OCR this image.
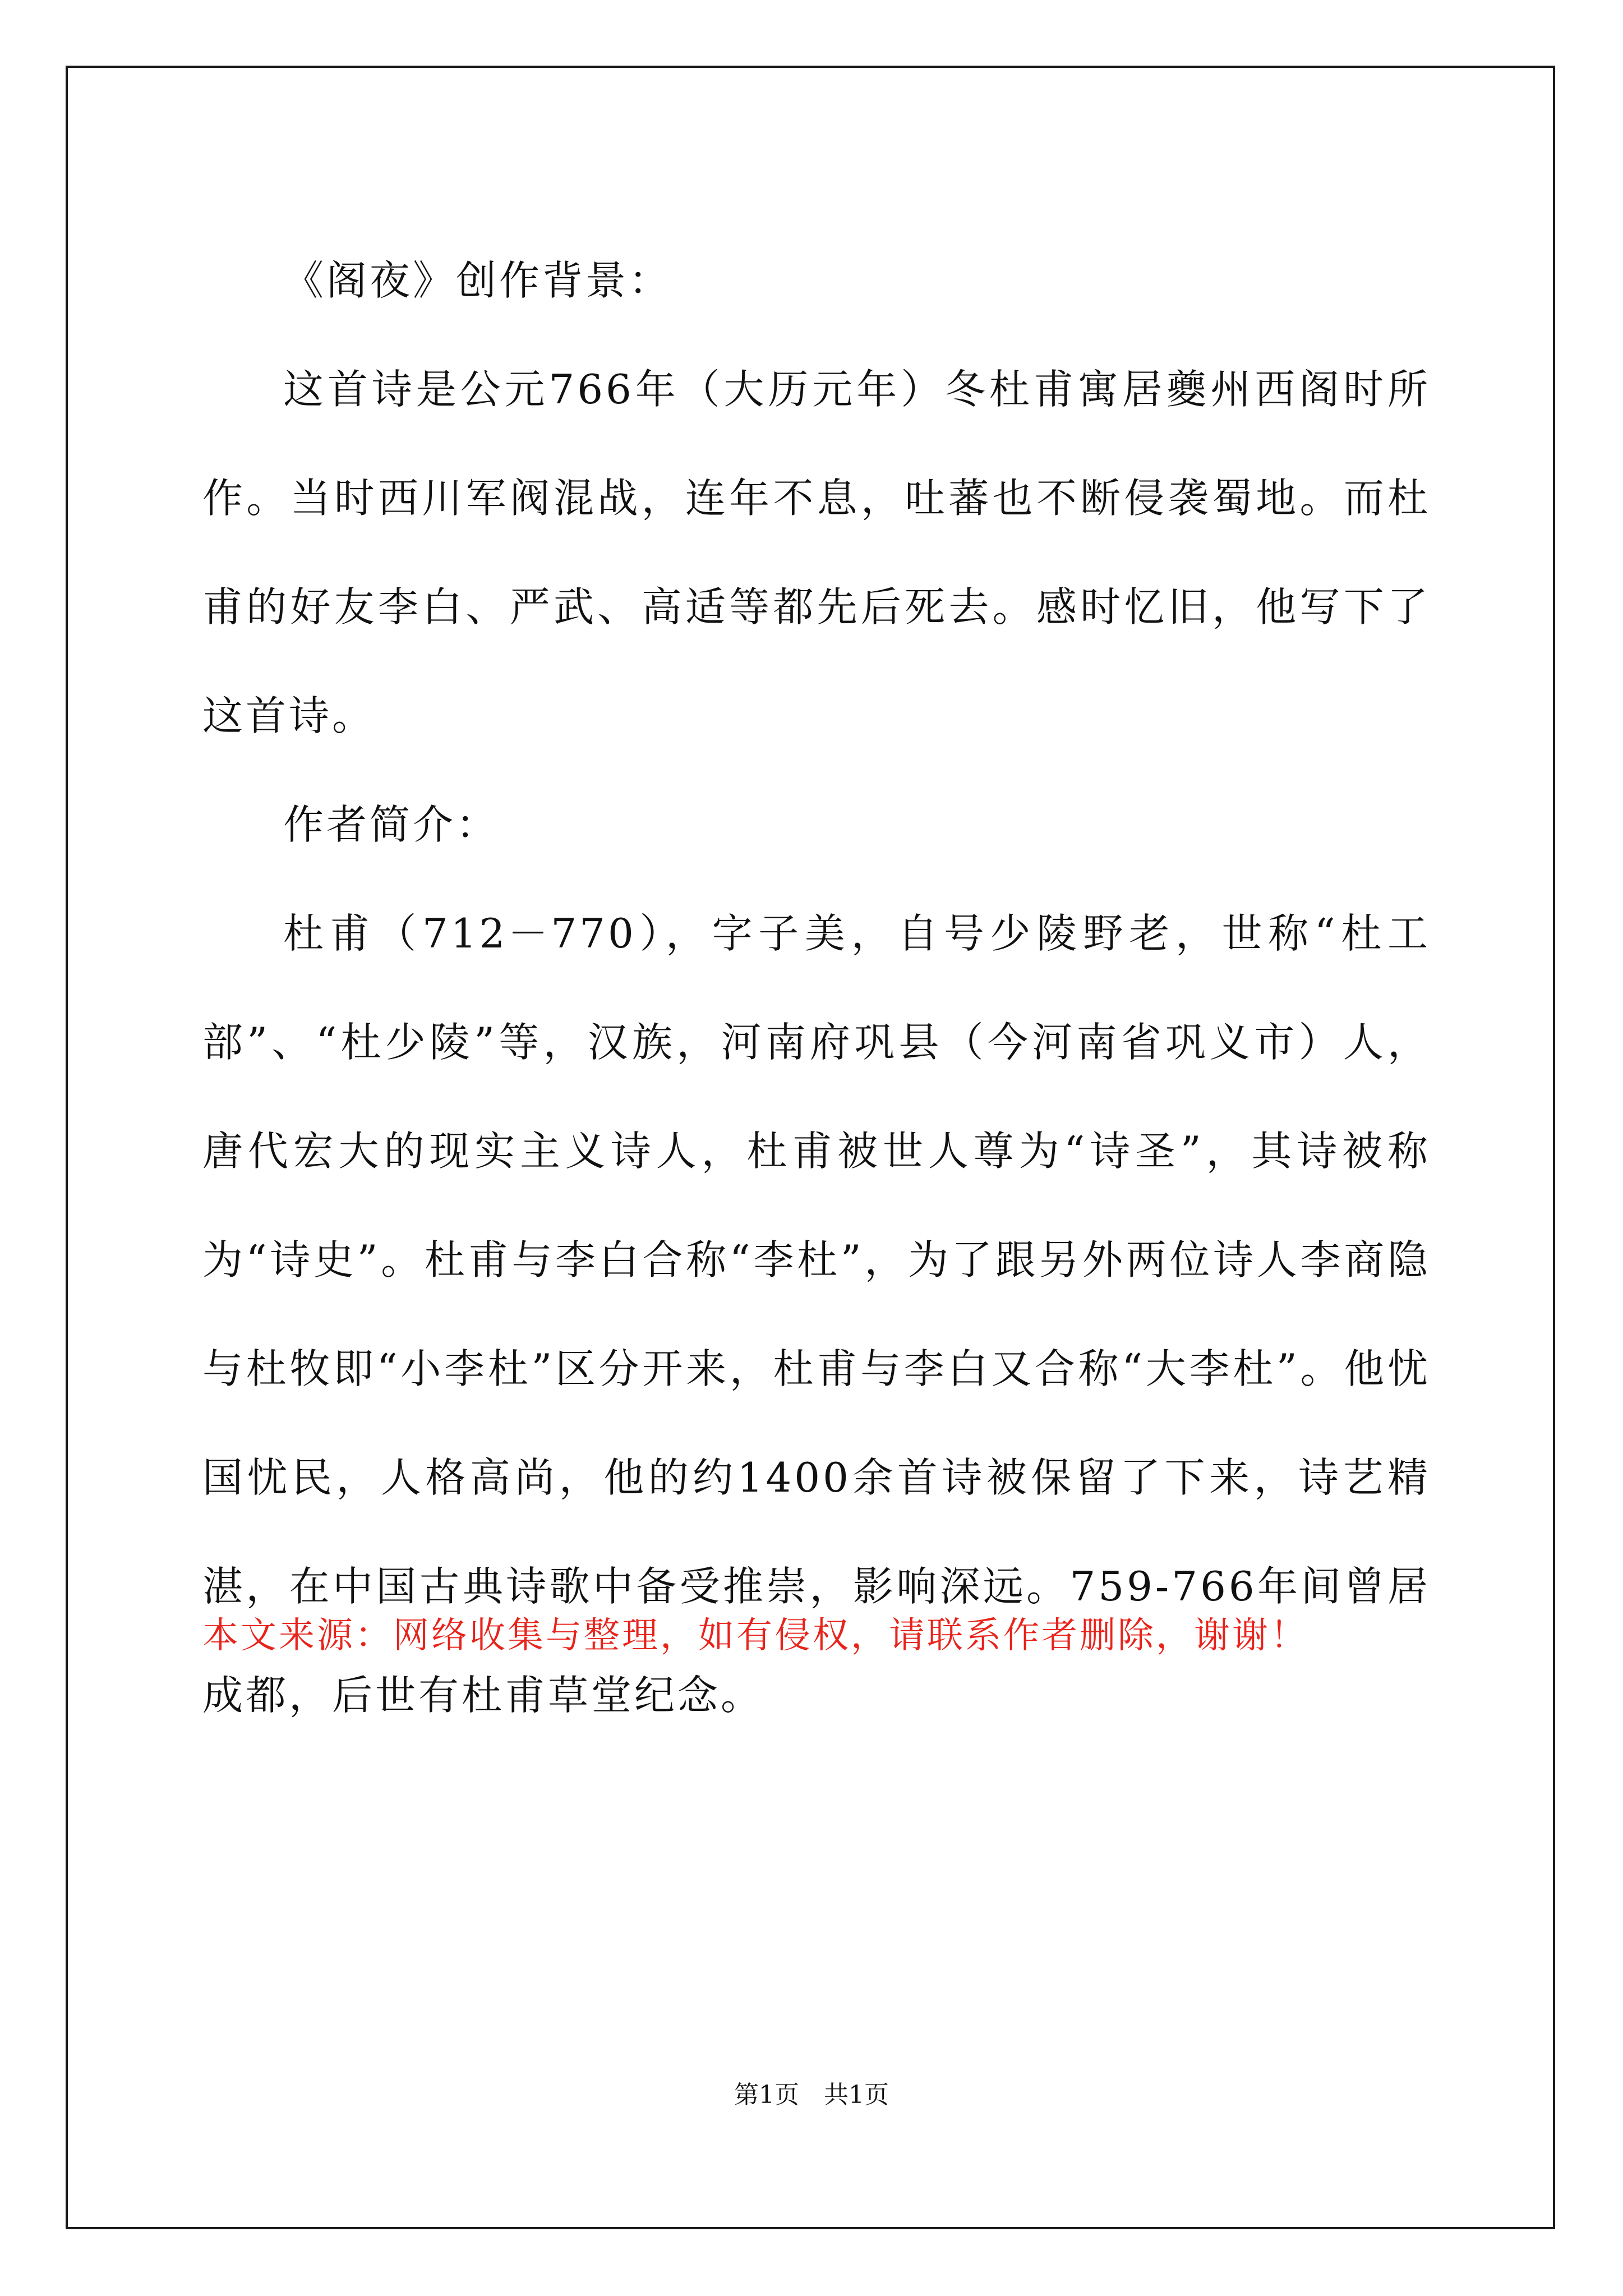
《阁夜》创作背景：

这首诗是公元766年（大历元年）冬杜甫寓居夔州西阁时所作。当时西川军阀混战，连年不息，吐蕃也不断侵袭蜀地。而杜甫的好友李白、严武、高适等都先后死去。感时忆旧，他写下了这首诗。

作者简介：

杜甫（712－770），字子美，自号少陵野老，世称“杜工部”、“杜少陵”等，汉族，河南府巩县（今河南省巩义市）人，唐代宏大的现实主义诗人，杜甫被世人尊为“诗圣”，其诗被称为“诗史”。杜甫与李白合称“李杜”，为了跟另外两位诗人李商隐与杜牧即“小李杜”区分开来，杜甫与李白又合称“大李杜”。他忧国忧民，人格高尚，他的约1400余首诗被保留了下来，诗艺精湛，在中国古典诗歌中备受推崇，影响深远。759-766年间曾居成都，后世有杜甫草堂纪念。

本文来源：网络收集与整理，如有侵权，请联系作者删除，谢谢！

第1页　共1页
